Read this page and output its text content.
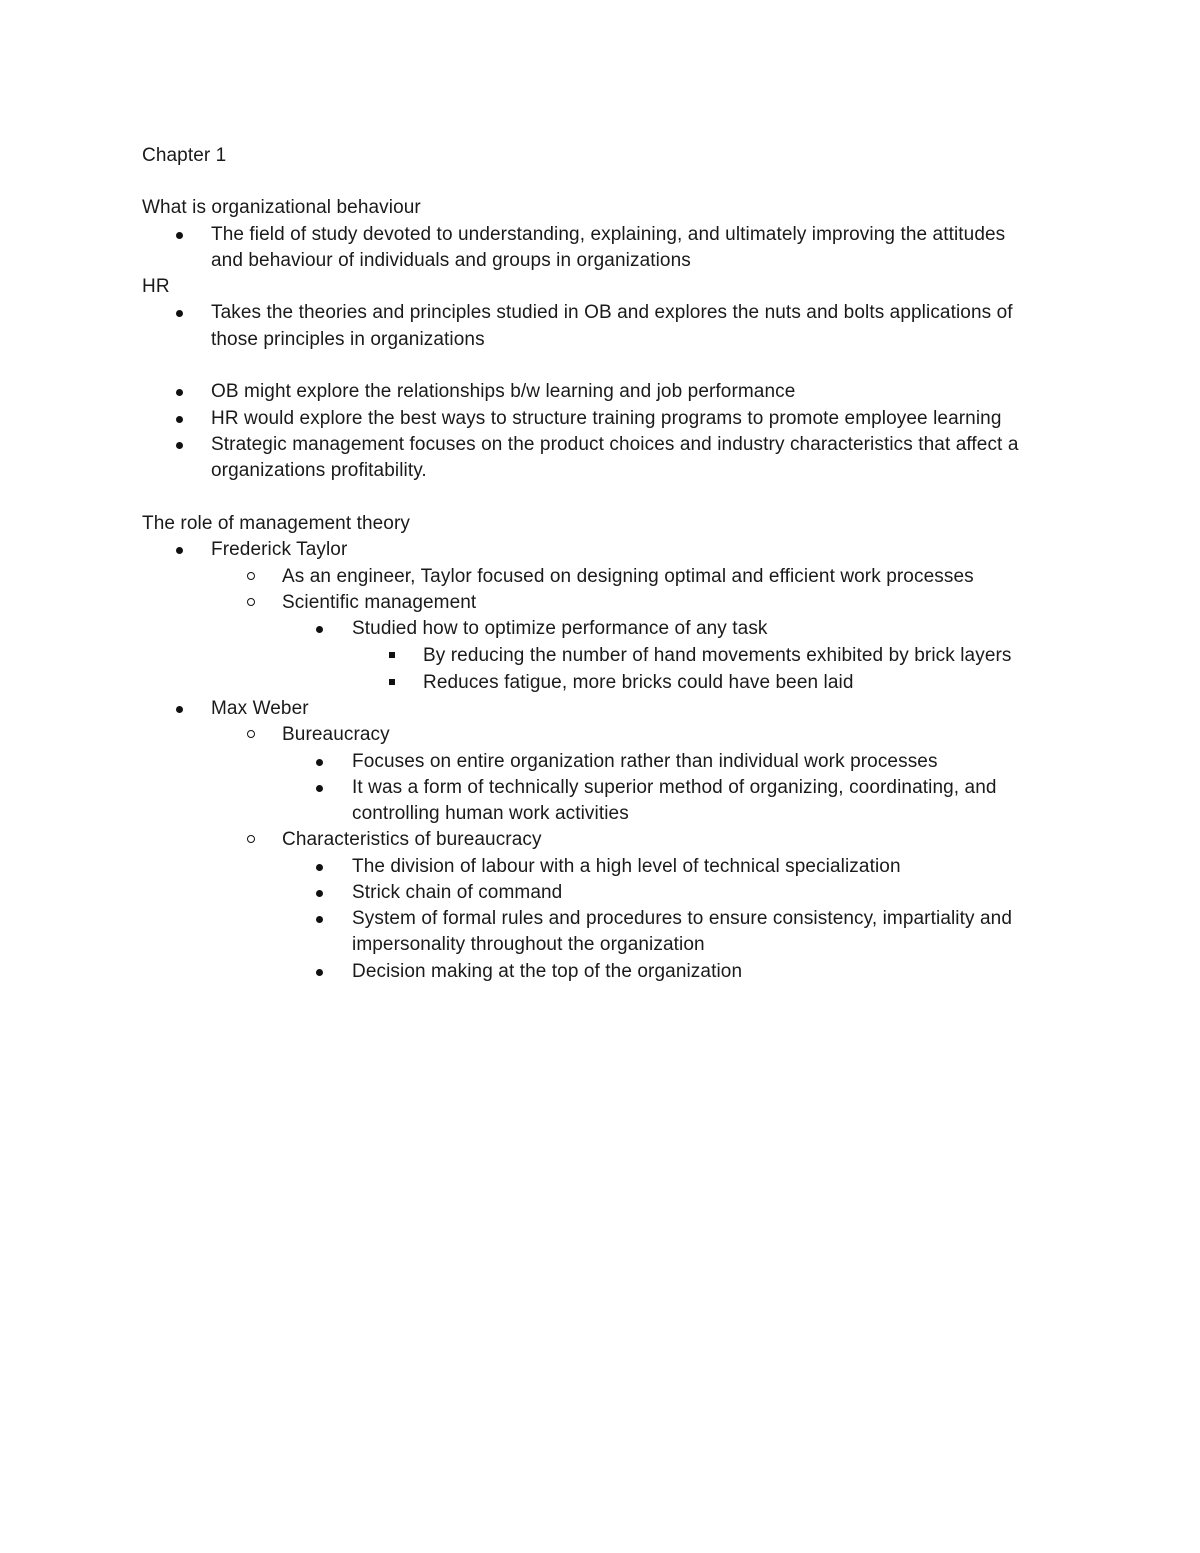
Chapter 1
What is organizational behaviour
The field of study devoted to understanding, explaining, and ultimately improving the attitudes
and behaviour of individuals and groups in organizations
HR
Takes the theories and principles studied in OB and explores the nuts and bolts applications of
those principles in organizations
OB might explore the relationships b/w learning and job performance
HR would explore the best ways to structure training programs to promote employee learning
Strategic management focuses on the product choices and industry characteristics that affect a
organizations profitability.
The role of management theory
Frederick Taylor
As an engineer, Taylor focused on designing optimal and efficient work processes
Scientific management
Studied how to optimize performance of any task
By reducing the number of hand movements exhibited by brick layers
Reduces fatigue, more bricks could have been laid
Max Weber
Bureaucracy
Focuses on entire organization rather than individual work processes
It was a form of technically superior method of organizing, coordinating, and
controlling human work activities
Characteristics of bureaucracy
The division of labour with a high level of technical specialization
Strick chain of command
System of formal rules and procedures to ensure consistency, impartiality and
impersonality throughout the organization
Decision making at the top of the organization
